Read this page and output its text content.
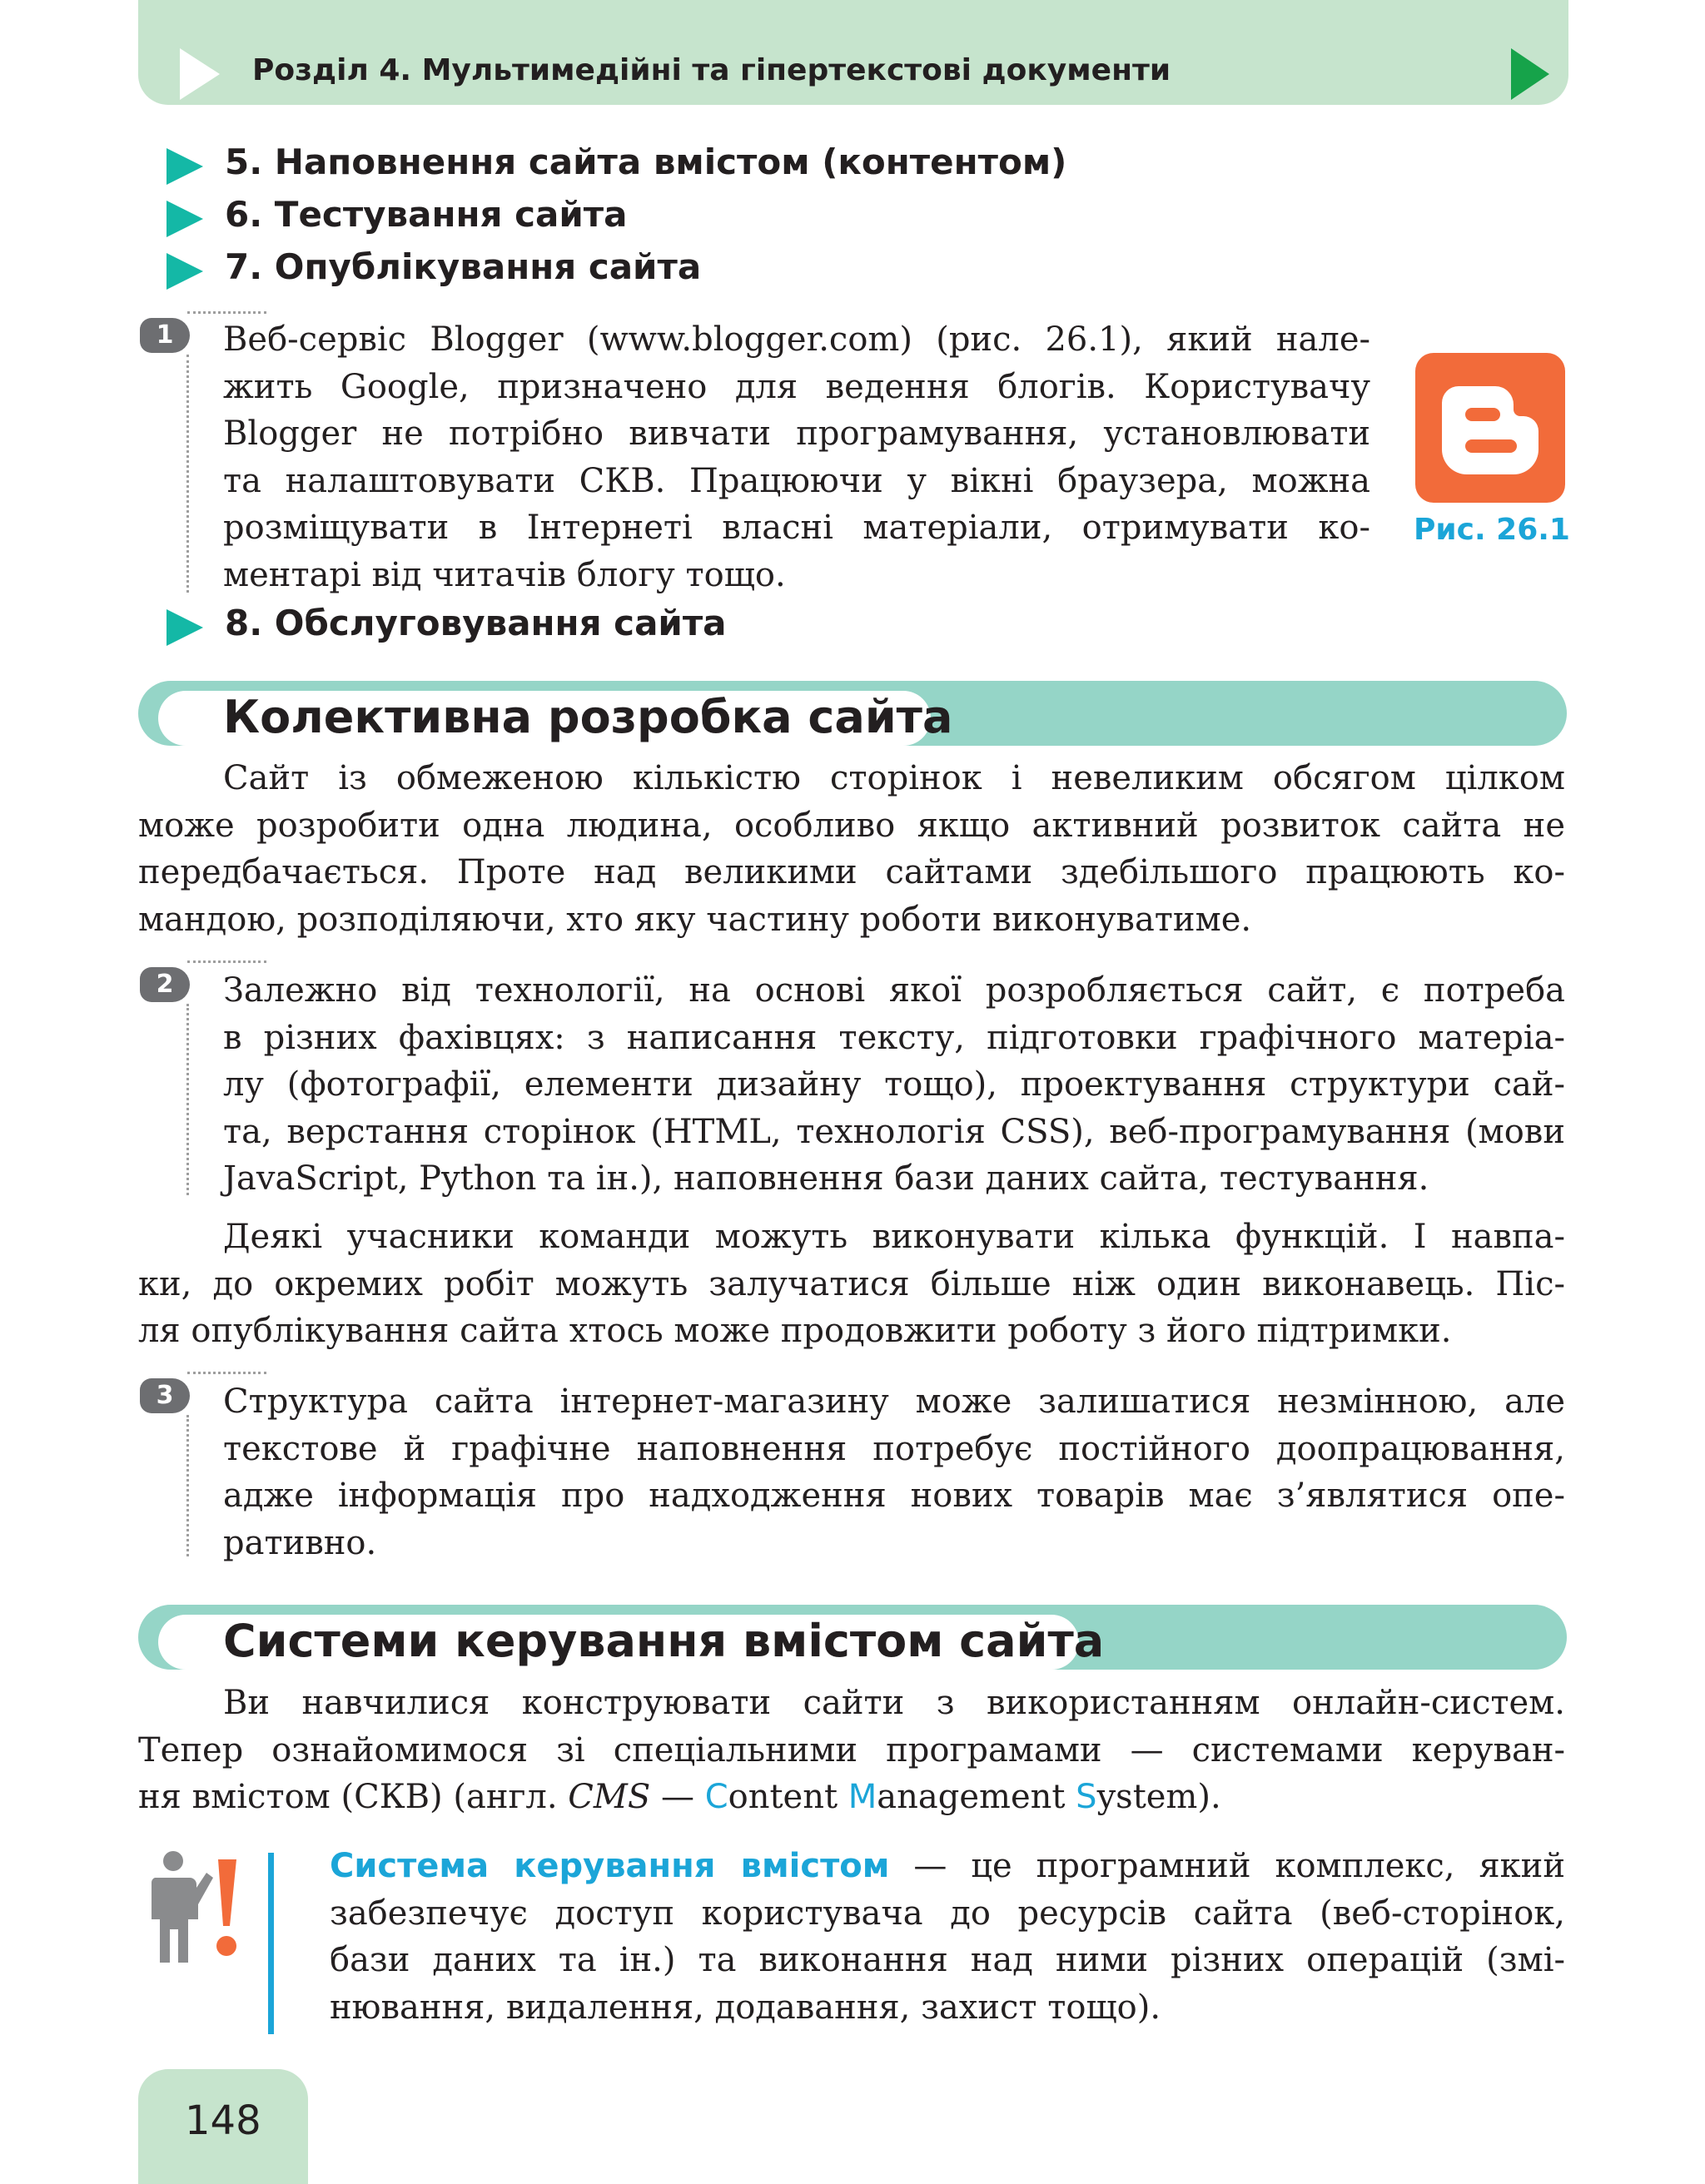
Розділ 4. Мультимедійні та гіпертекстові документи
5. Наповнення сайта вмістом (контентом)
6. Тестування сайта
7. Опублікування сайта
1	Веб-сервіс Blogger (www.blogger.com) (рис. 26.1), який нале-
жить Google, призначено для ведення блогів. Користувачу
Blogger не потрібно вивчати програмування, установлювати
та налаштовувати СКВ. Працюючи у вікні браузера, можна
розміщувати в Інтернеті власні матеріали, отримувати ко-
ментарі від читачів блогу тощо.
Рис. 26.1
8. Обслуговування сайта
Колективна розробка сайта
Сайт із обмеженою кількістю сторінок і невеликим обсягом цілком
може розробити одна людина, особливо якщо активний розвиток сайта не
передбачається. Проте над великими сайтами здебільшого працюють ко-
мандою, розподіляючи, хто яку частину роботи виконуватиме.
2	Залежно від технології, на основі якої розробляється сайт, є потреба
в різних фахівцях: з написання тексту, підготовки графічного матеріа-
лу (фотографії, елементи дизайну тощо), проектування структури сай-
та, верстання сторінок (HTML, технологія CSS), веб-програмування (мови
JavaScript, Python та ін.), наповнення бази даних сайта, тестування.
Деякі учасники команди можуть виконувати кілька функцій. І навпа-
ки, до окремих робіт можуть залучатися більше ніж один виконавець. Піс-
ля опублікування сайта хтось може продовжити роботу з його підтримки.
3	Структура сайта інтернет-магазину може залишатися незмінною, але
текстове й графічне наповнення потребує постійного доопрацювання,
адже інформація про надходження нових товарів має з’являтися опе-
ративно.
Системи керування вмістом сайта
Ви навчилися конструювати сайти з використанням онлайн-систем.
Тепер ознайомимося зі спеціальними програмами — системами керуван-
ня вмістом (СКВ) (англ. CMS — Content Management System).
Система керування вмістом — це програмний комплекс, який
забезпечує доступ користувача до ресурсів сайта (веб-сторінок,
бази даних та ін.) та виконання над ними різних операцій (змі-
нювання, видалення, додавання, захист тощо).
148
